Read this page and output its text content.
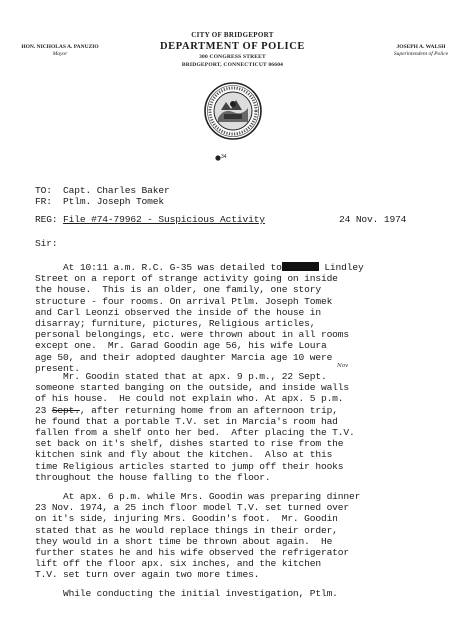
HON. NICHOLAS A. PANUZIO
Mayor
CITY OF BRIDGEPORT
DEPARTMENT OF POLICE
300 CONGRESS STREET
BRIDGEPORT, CONNECTICUT 06604
JOSEPH A. WALSH
Superintendent of Police
34
TO: Capt. Charles Baker
FR: Ptlm. Joseph Tomek
REG: File #74-79962 - Suspicious Activity	24 Nov. 1974
Sir:
At 10:11 a.m. R.C. G-35 was detailed to	Lindley
Street on a report of strange activity going on inside
the house.  This is an older, one family, one story
structure - four rooms. On arrival Ptlm. Joseph Tomek
and Carl Leonzi observed the inside of the house in
disarray; furniture, pictures, Religious articles,
personal belongings, etc. were thrown about in all rooms
except one.  Mr. Garad Goodin age 56, his wife Loura
age 50, and their adopted daughter Marcia age 10 were
present.	Nov
Mr. Goodin stated that at apx. 9 p.m., 22 Sept.
someone started banging on the outside, and inside walls
of his house.  He could not explain who. At apx. 5 p.m.
23 Sept., after returning home from an afternoon trip,
he found that a portable T.V. set in Marcia's room had
fallen from a shelf onto her bed.  After placing the T.V.
set back on it's shelf, dishes started to rise from the
kitchen sink and fly about the kitchen.  Also at this
time Religious articles started to jump off their hooks
throughout the house falling to the floor.
At apx. 6 p.m. while Mrs. Goodin was preparing dinner
23 Nov. 1974, a 25 inch floor model T.V. set turned over
on it's side, injuring Mrs. Goodin's foot.  Mr. Goodin
stated that as he would replace things in their order,
they would in a short time be thrown about again.  He
further states he and his wife observed the refrigerator
lift off the floor apx. six inches, and the kitchen
T.V. set turn over again two more times.
While conducting the initial investigation, Ptlm.
